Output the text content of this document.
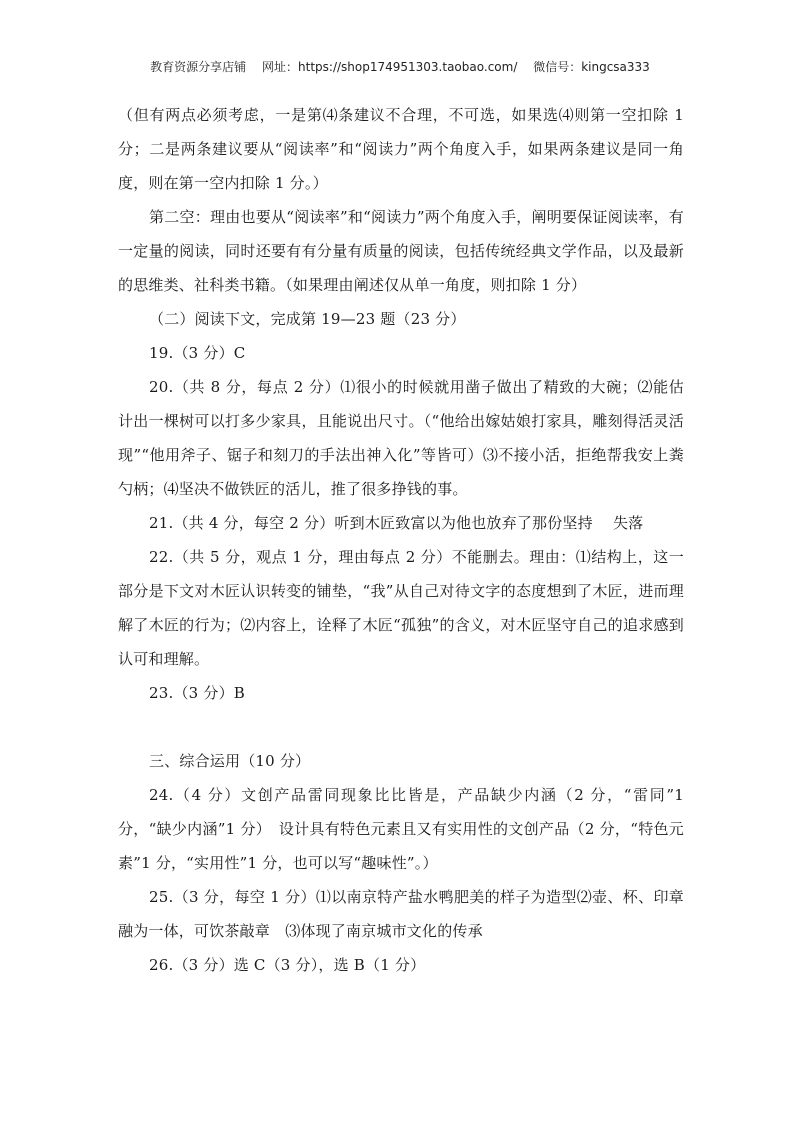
教育资源分享店铺 网址：https://shop174951303.taobao.com/ 微信号：kingcsa333

（但有两点必须考虑，一是第⑷条建议不合理，不可选，如果选⑷则第一空扣除 1 分；二是两条建议要从“阅读率”和“阅读力”两个角度入手，如果两条建议是同一角度，则在第一空内扣除 1 分。）

第二空：理由也要从“阅读率”和“阅读力”两个角度入手，阐明要保证阅读率，有一定量的阅读，同时还要有有分量有质量的阅读，包括传统经典文学作品，以及最新的思维类、社科类书籍。（如果理由阐述仅从单一角度，则扣除 1 分）

（二）阅读下文，完成第 19—23 题（23 分）

19.（3 分）C

20.（共 8 分，每点 2 分）⑴很小的时候就用凿子做出了精致的大碗；⑵能估计出一棵树可以打多少家具，且能说出尺寸。（“他给出嫁姑娘打家具，雕刻得活灵活现”“他用斧子、锯子和刻刀的手法出神入化”等皆可）⑶不接小活，拒绝帮我安上粪勺柄；⑷坚决不做铁匠的活儿，推了很多挣钱的事。

21.（共 4 分，每空 2 分）听到木匠致富以为他也放弃了那份坚持　 失落

22.（共 5 分，观点 1 分，理由每点 2 分）不能删去。理由：⑴结构上，这一部分是下文对木匠认识转变的铺垫，“我”从自己对待文字的态度想到了木匠，进而理解了木匠的行为；⑵内容上，诠释了木匠“孤独”的含义，对木匠坚守自己的追求感到认可和理解。

23.（3 分）B

三、综合运用（10 分）

24.（4 分）文创产品雷同现象比比皆是，产品缺少内涵（2 分，“雷同”1 分，“缺少内涵”1 分）　设计具有特色元素且又有实用性的文创产品（2 分，“特色元素”1 分，“实用性”1 分，也可以写“趣味性”。）

25.（3 分，每空 1 分）⑴以南京特产盐水鸭肥美的样子为造型⑵壶、杯、印章融为一体，可饮茶敲章　⑶体现了南京城市文化的传承

26.（3 分）选 C（3 分），选 B（1 分）
